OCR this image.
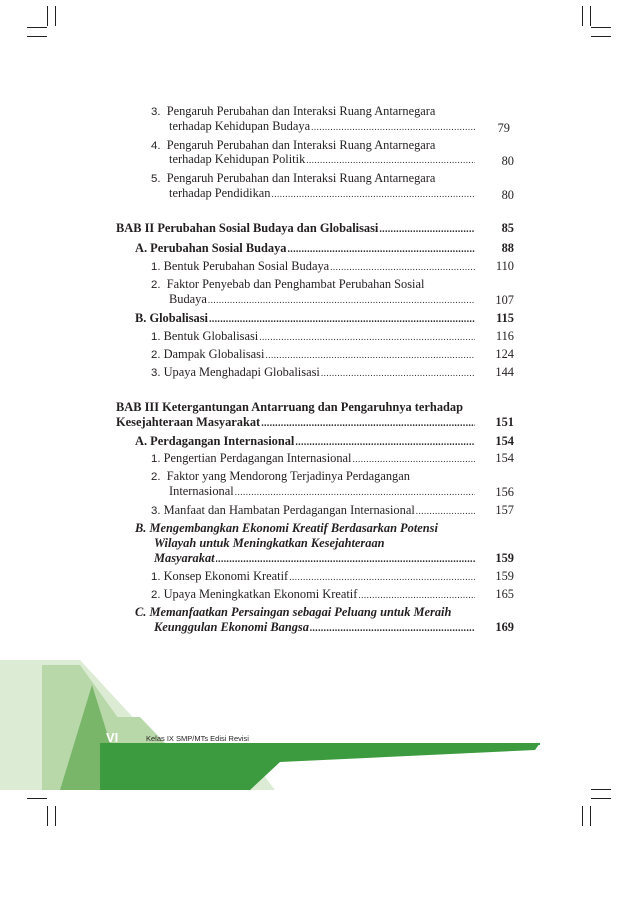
3. Pengaruh Perubahan dan Interaksi Ruang Antarnegara
terhadap Kehidupan Budaya .....	79
4. Pengaruh Perubahan dan Interaksi Ruang Antarnegara
terhadap Kehidupan Politik .....	80
5. Pengaruh Perubahan dan Interaksi Ruang Antarnegara
terhadap Pendidikan .....	80
BAB II Perubahan Sosial Budaya dan Globalisasi .....	85
A. Perubahan Sosial Budaya .....	88
1.
Bentuk Perubahan Sosial Budaya .....	110
2. Faktor Penyebab dan Penghambat Perubahan Sosial
Budaya .....	107
B. Globalisasi .....	115
1.
Bentuk Globalisasi .....	116
2.
Dampak Globalisasi .....	124
3.
Upaya Menghadapi Globalisasi .....	144
BAB III Ketergantungan Antarruang dan Pengaruhnya terhadap
Kesejahteraan Masyarakat .....	151
A. Perdagangan Internasional .....	154
1.
Pengertian Perdagangan Internasional .....	154
2. Faktor yang Mendorong Terjadinya Perdagangan
Internasional .....	156
3.
Manfaat dan Hambatan Perdagangan Internasional .....	157
B. Mengembangkan Ekonomi Kreatif Berdasarkan Potensi
Wilayah untuk Meningkatkan Kesejahteraan
Masyarakat .....	159
1.
Konsep Ekonomi Kreatif .....	159
2.
Upaya Meningkatkan Ekonomi Kreatif .....	165
C. Memanfaatkan Persaingan sebagai Peluang untuk Meraih
Keunggulan Ekonomi Bangsa .....	169
VI	Kelas IX SMP/MTs Edisi Revisi
